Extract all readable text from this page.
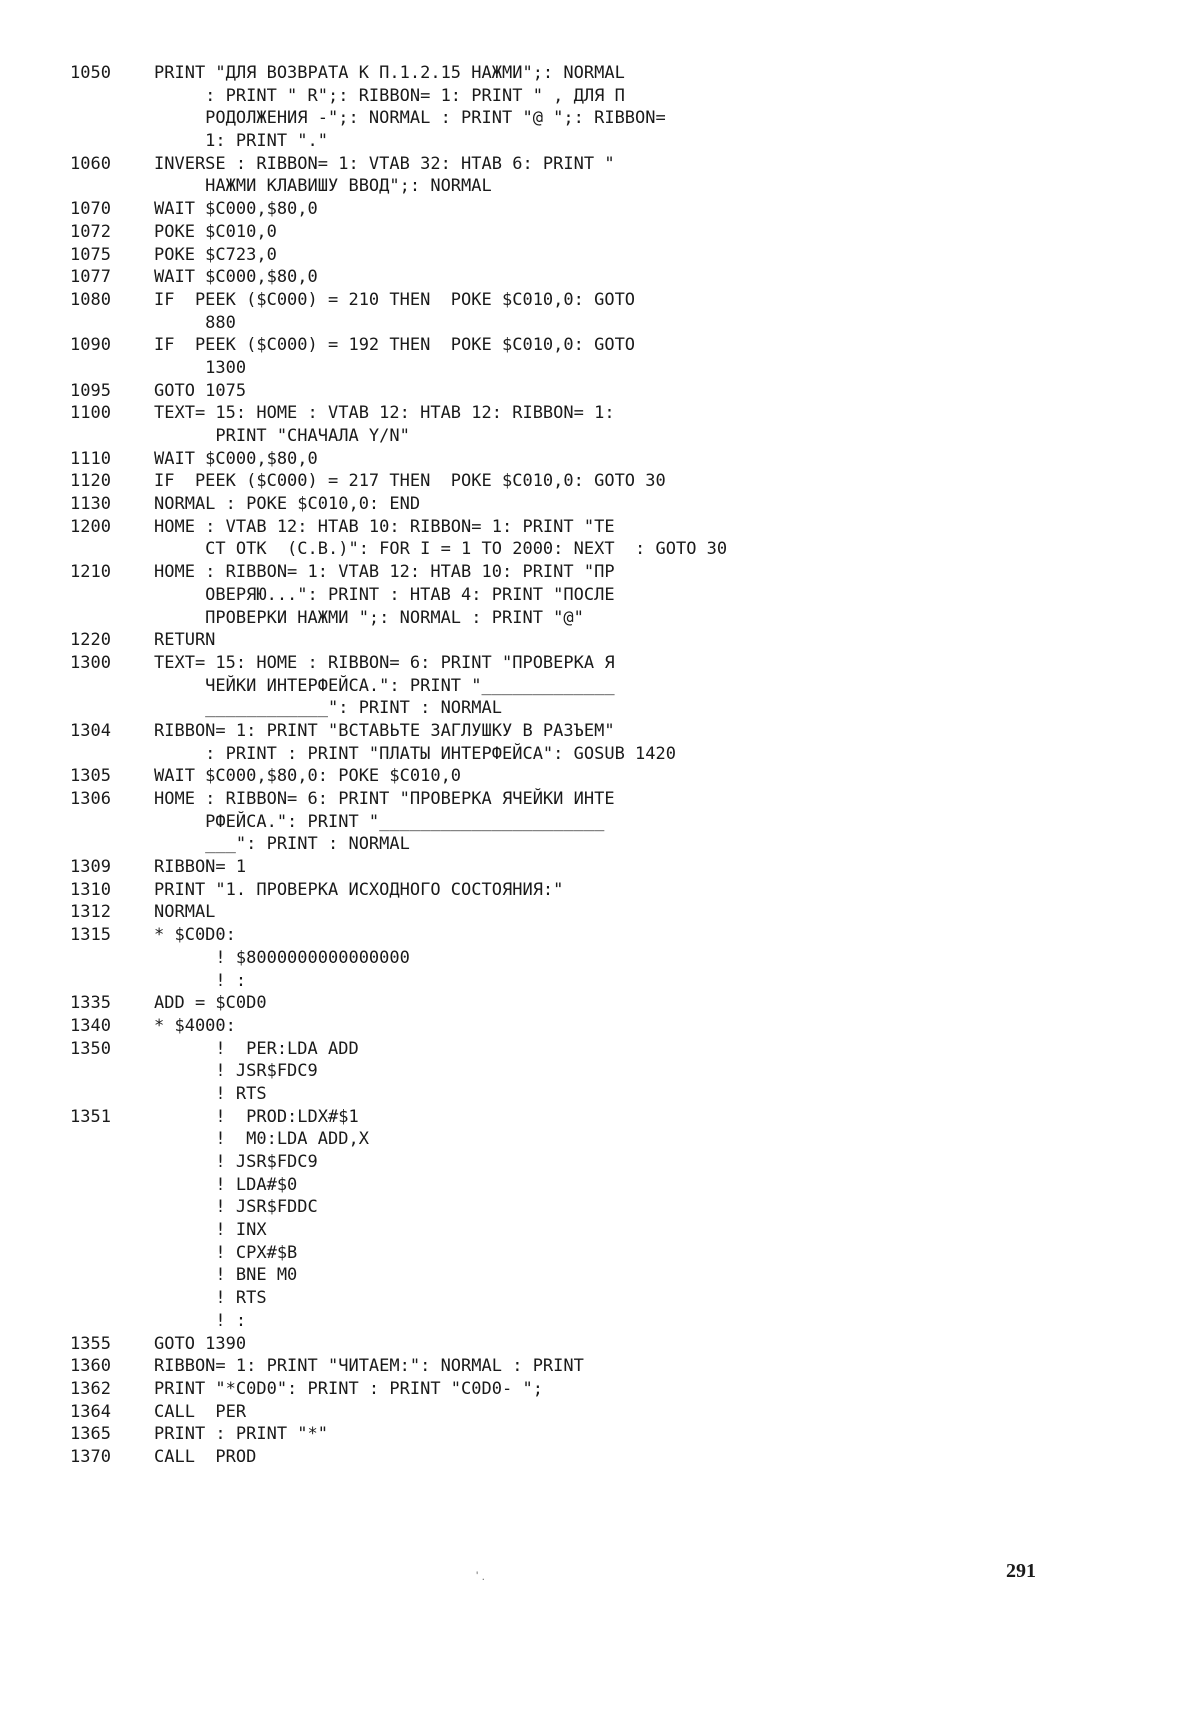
1050	PRINT "ДЛЯ ВОЗВРАТА К П.1.2.15 НАЖМИ";: NORMAL
: PRINT " R";: RIBBON= 1: PRINT " , ДЛЯ П
РОДОЛЖЕНИЯ -";: NORMAL : PRINT "@ ";: RIBBON=
1: PRINT "."
1060	INVERSE : RIBBON= 1: VTAB 32: HTAB 6: PRINT "
НАЖМИ КЛАВИШУ ВВОД";: NORMAL
1070	WAIT $C000,$80,0
1072	POKE $C010,0
1075	POKE $C723,0
1077	WAIT $C000,$80,0
1080	IF  PEEK ($C000) = 210 THEN  POKE $C010,0: GOTO
880
1090	IF  PEEK ($C000) = 192 THEN  POKE $C010,0: GOTO
1300
1095	GOTO 1075
1100	TEXT= 15: HOME : VTAB 12: HTAB 12: RIBBON= 1:
PRINT "СНАЧАЛА Y/N"
1110	WAIT $C000,$80,0
1120	IF  PEEK ($C000) = 217 THEN  POKE $C010,0: GOTO 30
1130	NORMAL : POKE $C010,0: END
1200	HOME : VTAB 12: HTAB 10: RIBBON= 1: PRINT "TE
CT OTK  (C.B.)": FOR I = 1 TO 2000: NEXT  : GOTO 30
1210	HOME : RIBBON= 1: VTAB 12: HTAB 10: PRINT "ПР
ОВЕРЯЮ...": PRINT : HTAB 4: PRINT "ПОСЛЕ
ПРОВЕРКИ НАЖМИ ";: NORMAL : PRINT "@"
1220	RETURN
1300	TEXT= 15: HOME : RIBBON= 6: PRINT "ПРОВЕРКА Я
ЧЕЙКИ ИНТЕРФЕЙСА.": PRINT "_____________
____________": PRINT : NORMAL
1304	RIBBON= 1: PRINT "ВСТАВЬТЕ ЗАГЛУШКУ В РАЗЪЕМ"
: PRINT : PRINT "ПЛАТЫ ИНТЕРФЕЙСА": GOSUB 1420
1305	WAIT $C000,$80,0: POKE $C010,0
1306	HOME : RIBBON= 6: PRINT "ПРОВЕРКА ЯЧЕЙКИ ИНТЕ
РФЕЙСА.": PRINT "______________________
___": PRINT : NORMAL
1309	RIBBON= 1
1310	PRINT "1. ПРОВЕРКА ИСХОДНОГО СОСТОЯНИЯ:"
1312	NORMAL
1315	* $C0D0:
! $8000000000000000
! :
1335	ADD = $C0D0
1340	* $4000:
1350	!  PER:LDA ADD
! JSR$FDC9
! RTS
1351	!  PROD:LDX#$1
!  M0:LDA ADD,X
! JSR$FDC9
! LDA#$0
! JSR$FDDC
! INX
! CPX#$B
! BNE M0
! RTS
! :
1355	GOTO 1390
1360	RIBBON= 1: PRINT "ЧИТАЕМ:": NORMAL : PRINT
1362	PRINT "*C0D0": PRINT : PRINT "C0D0- ";
1364	CALL  PER
1365	PRINT : PRINT "*"
1370	CALL  PROD
291
' .
